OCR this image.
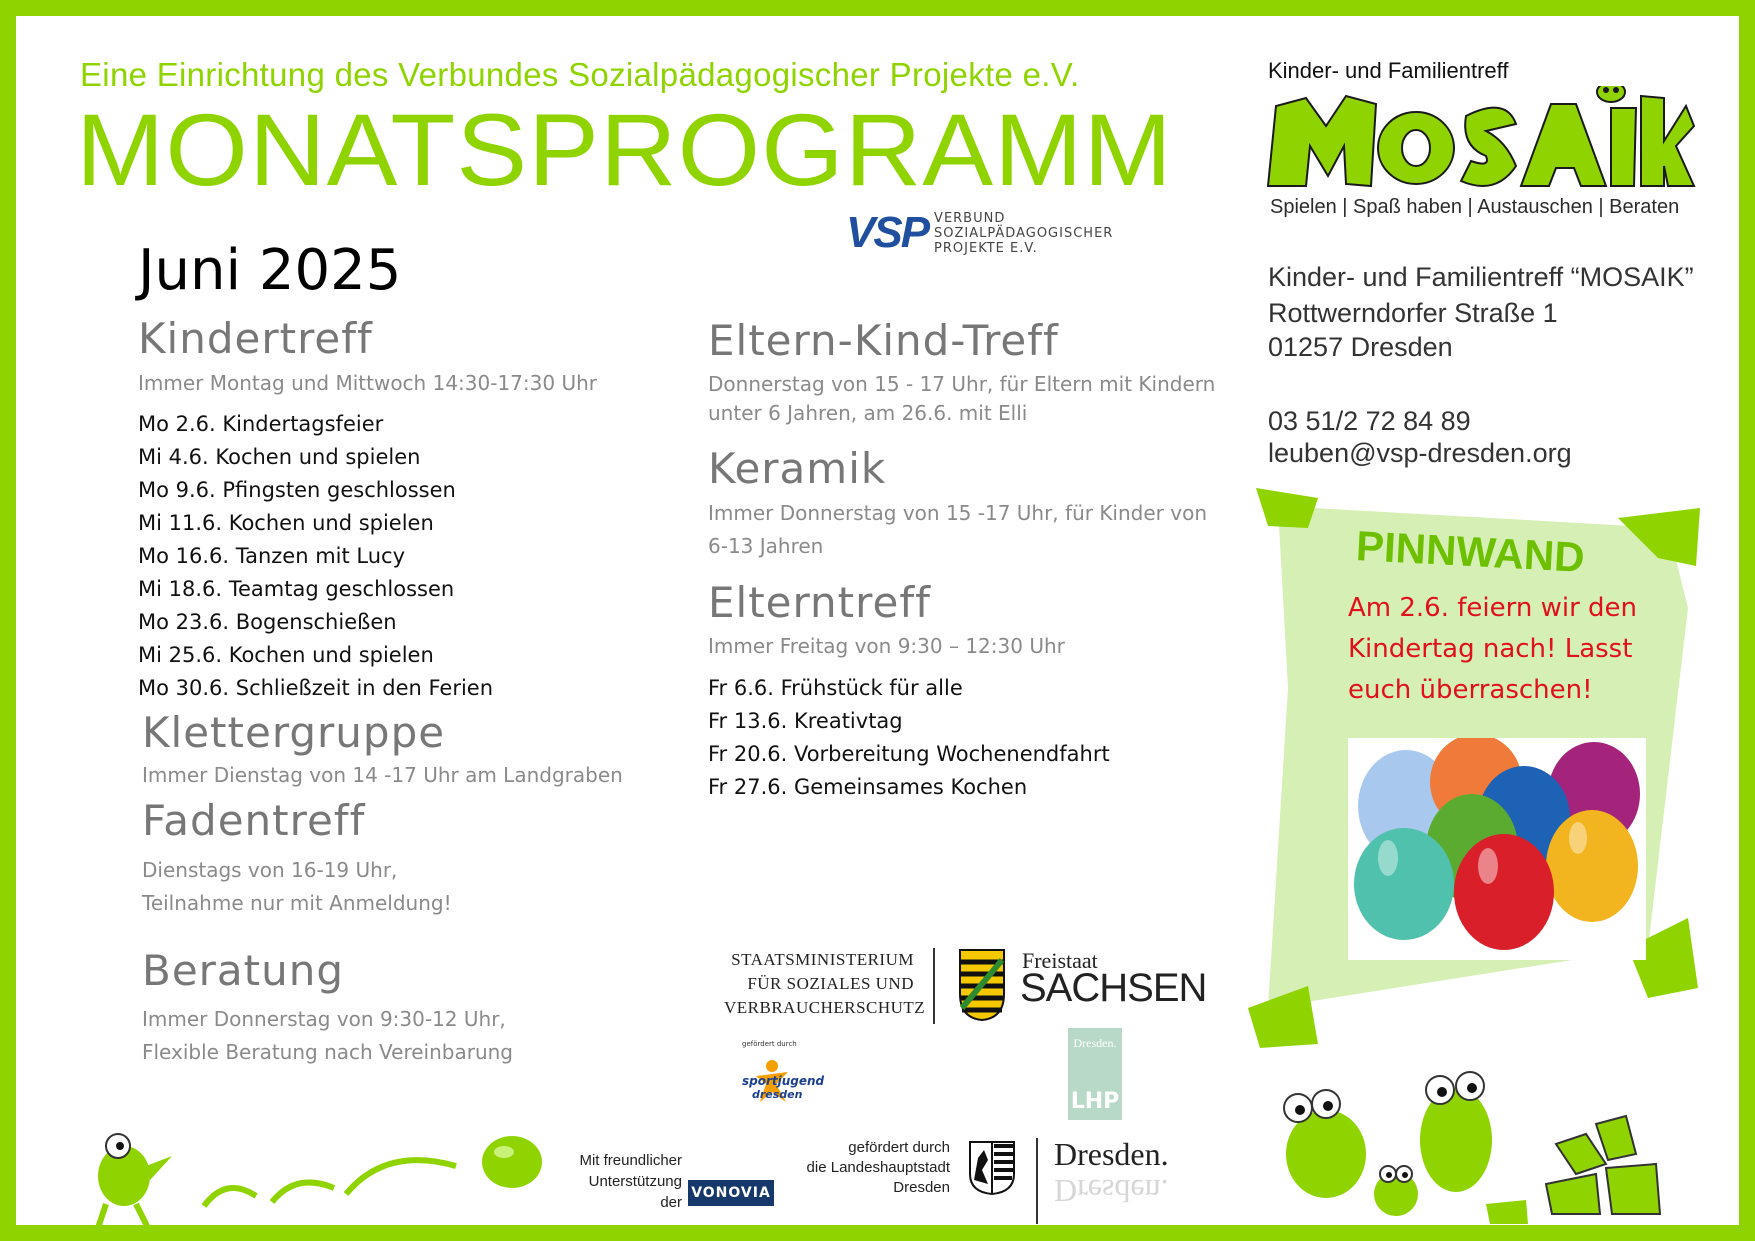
Eine Einrichtung des Verbundes Sozialpädagogischer Projekte e.V.
MONATSPROGRAMM
Juni 2025
VSP VERBUND
SOZIALPÄDAGOGISCHER
PROJEKTE E.V.
Kindertreff
Immer Montag und Mittwoch 14:30-17:30 Uhr
Mo 2.6. Kindertagsfeier
Mi 4.6. Kochen und spielen
Mo 9.6. Pfingsten geschlossen
Mi 11.6. Kochen und spielen
Mo 16.6. Tanzen mit Lucy
Mi 18.6. Teamtag geschlossen
Mo 23.6. Bogenschießen
Mi 25.6. Kochen und spielen
Mo 30.6. Schließzeit in den Ferien
Klettergruppe
Immer Dienstag von 14 -17 Uhr am Landgraben
Fadentreff
Dienstags von 16-19 Uhr,
Teilnahme nur mit Anmeldung!
Beratung
Immer Donnerstag von 9:30-12 Uhr,
Flexible Beratung nach Vereinbarung
Eltern-Kind-Treff
Donnerstag von 15 - 17 Uhr, für Eltern mit Kindern
unter 6 Jahren, am 26.6. mit Elli
Keramik
Immer Donnerstag von 15 -17 Uhr, für Kinder von
6-13 Jahren
Elterntreff
Immer Freitag von 9:30 – 12:30 Uhr
Fr 6.6. Frühstück für alle
Fr 13.6. Kreativtag
Fr 20.6. Vorbereitung Wochenendfahrt
Fr 27.6. Gemeinsames Kochen
Kinder- und Familientreff
Spielen | Spaß haben | Austauschen | Beraten
Kinder- und Familientreff “MOSAIK”
Rottwerndorfer Straße 1
01257 Dresden
03 51/2 72 84 89
leuben@vsp-dresden.org
PINNWAND
Am 2.6. feiern wir den Kindertag nach! Lasst euch überraschen!
STAATSMINISTERIUM
FÜR SOZIALES UND
VERBRAUCHERSCHUTZ
Freistaat
SACHSEN
gefördert durch
sportjugend
dresden
Dresden.
LHP
Mit freundlicher
Unterstützung
der
VONOVIA
gefördert durch
die Landeshauptstadt
Dresden
Dresden.
Dresden.
